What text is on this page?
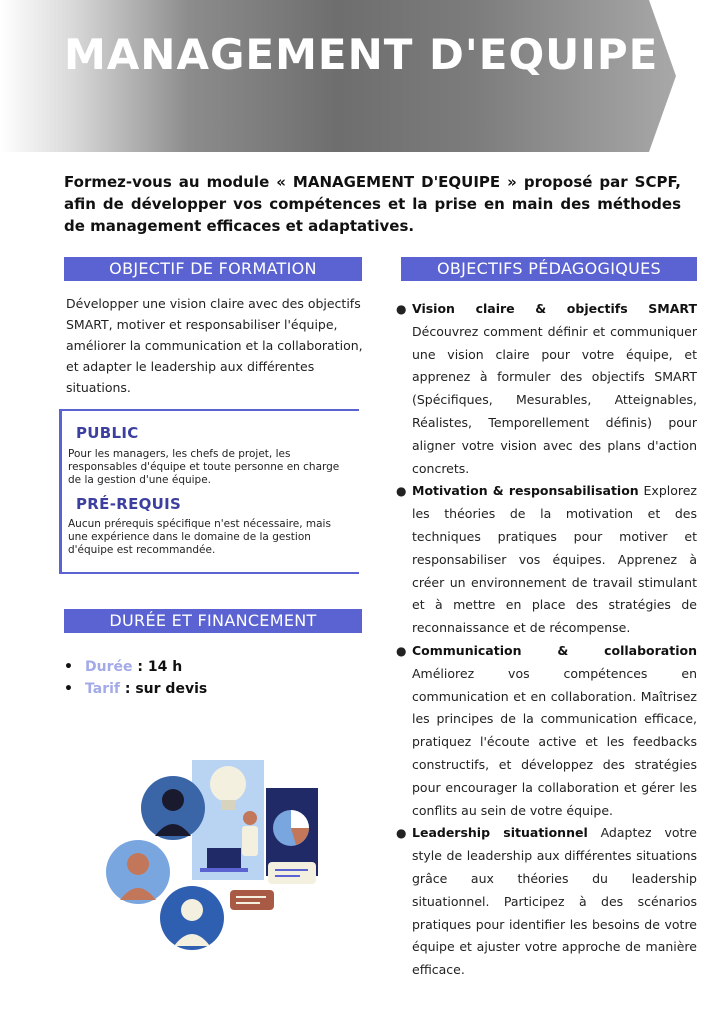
MANAGEMENT D'EQUIPE

Formez-vous au module « MANAGEMENT D'EQUIPE » proposé par SCPF, afin de développer vos compétences et la prise en main des méthodes de management efficaces et adaptatives.

OBJECTIF DE FORMATION

Développer une vision claire avec des objectifs SMART, motiver et responsabiliser l'équipe, améliorer la communication et la collaboration, et adapter le leadership aux différentes situations.

PUBLIC

Pour les managers, les chefs de projet, les responsables d'équipe et toute personne en charge de la gestion d'une équipe.

PRÉ-REQUIS

Aucun prérequis spécifique n'est nécessaire, mais une expérience dans le domaine de la gestion d'équipe est recommandée.

DURÉE ET FINANCEMENT
• Durée : 14 h
• Tarif : sur devis
OBJECTIFS PÉDAGOGIQUES
● Vision claire & objectifs SMART Découvrez comment définir et communiquer une vision claire pour votre équipe, et apprenez à formuler des objectifs SMART (Spécifiques, Mesurables, Atteignables, Réalistes, Temporellement définis) pour aligner votre vision avec des plans d'action concrets.
● Motivation & responsabilisation Explorez les théories de la motivation et des techniques pratiques pour motiver et responsabiliser vos équipes. Apprenez à créer un environnement de travail stimulant et à mettre en place des stratégies de reconnaissance et de récompense.
● Communication & collaboration Améliorez vos compétences en communication et en collaboration. Maîtrisez les principes de la communication efficace, pratiquez l'écoute active et les feedbacks constructifs, et développez des stratégies pour encourager la collaboration et gérer les conflits au sein de votre équipe.
● Leadership situationnel Adaptez votre style de leadership aux différentes situations grâce aux théories du leadership situationnel. Participez à des scénarios pratiques pour identifier les besoins de votre équipe et ajuster votre approche de manière efficace.
